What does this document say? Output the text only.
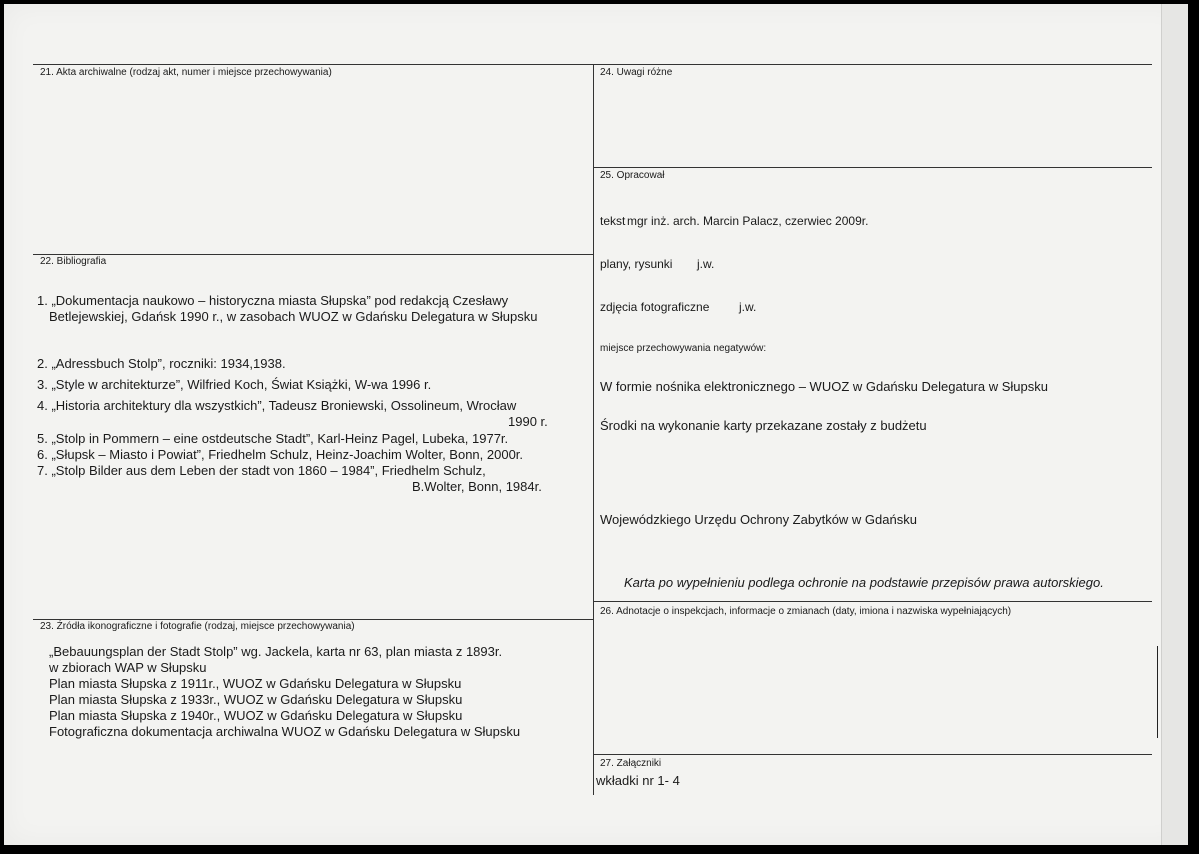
21. Akta archiwalne (rodzaj akt, numer i miejsce przechowywania)
22. Bibliografia
1. „Dokumentacja naukowo – historyczna miasta Słupska” pod redakcją Czesławy
Betlejewskiej, Gdańsk 1990 r., w zasobach WUOZ w Gdańsku Delegatura w Słupsku
2. „Adressbuch Stolp”, roczniki: 1934,1938.
3. „Style w architekturze”, Wilfried Koch, Świat Książki, W-wa 1996 r.
4. „Historia architektury dla wszystkich”, Tadeusz Broniewski, Ossolineum, Wrocław
1990 r.
5. „Stolp in Pommern – eine ostdeutsche Stadt”, Karl-Heinz Pagel, Lubeka, 1977r.
6. „Słupsk – Miasto i Powiat”, Friedhelm Schulz, Heinz-Joachim Wolter, Bonn, 2000r.
7. „Stolp Bilder aus dem Leben der stadt von 1860 – 1984”, Friedhelm Schulz,
B.Wolter, Bonn, 1984r.
23. Źródła ikonograficzne i fotografie (rodzaj, miejsce przechowywania)
„Bebauungsplan der Stadt Stolp” wg. Jackela, karta nr 63, plan miasta z 1893r.
w zbiorach WAP w Słupsku
Plan miasta Słupska z 1911r., WUOZ w Gdańsku Delegatura w Słupsku
Plan miasta Słupska z 1933r., WUOZ w Gdańsku Delegatura w Słupsku
Plan miasta Słupska z 1940r., WUOZ w Gdańsku Delegatura w Słupsku
Fotograficzna dokumentacja archiwalna WUOZ w Gdańsku Delegatura w Słupsku
24. Uwagi różne
25. Opracował
tekst mgr inż. arch. Marcin Palacz, czerwiec 2009r.
plany, rysunki j.w.
zdjęcia fotograficzne j.w.
miejsce przechowywania negatywów:
W formie nośnika elektronicznego – WUOZ w Gdańsku Delegatura w Słupsku
Środki na wykonanie karty przekazane zostały z budżetu
Wojewódzkiego Urzędu Ochrony Zabytków w Gdańsku
Karta po wypełnieniu podlega ochronie na podstawie przepisów prawa autorskiego.
26. Adnotacje o inspekcjach, informacje o zmianach (daty, imiona i nazwiska wypełniających)
27. Załączniki
wkładki nr 1- 4
